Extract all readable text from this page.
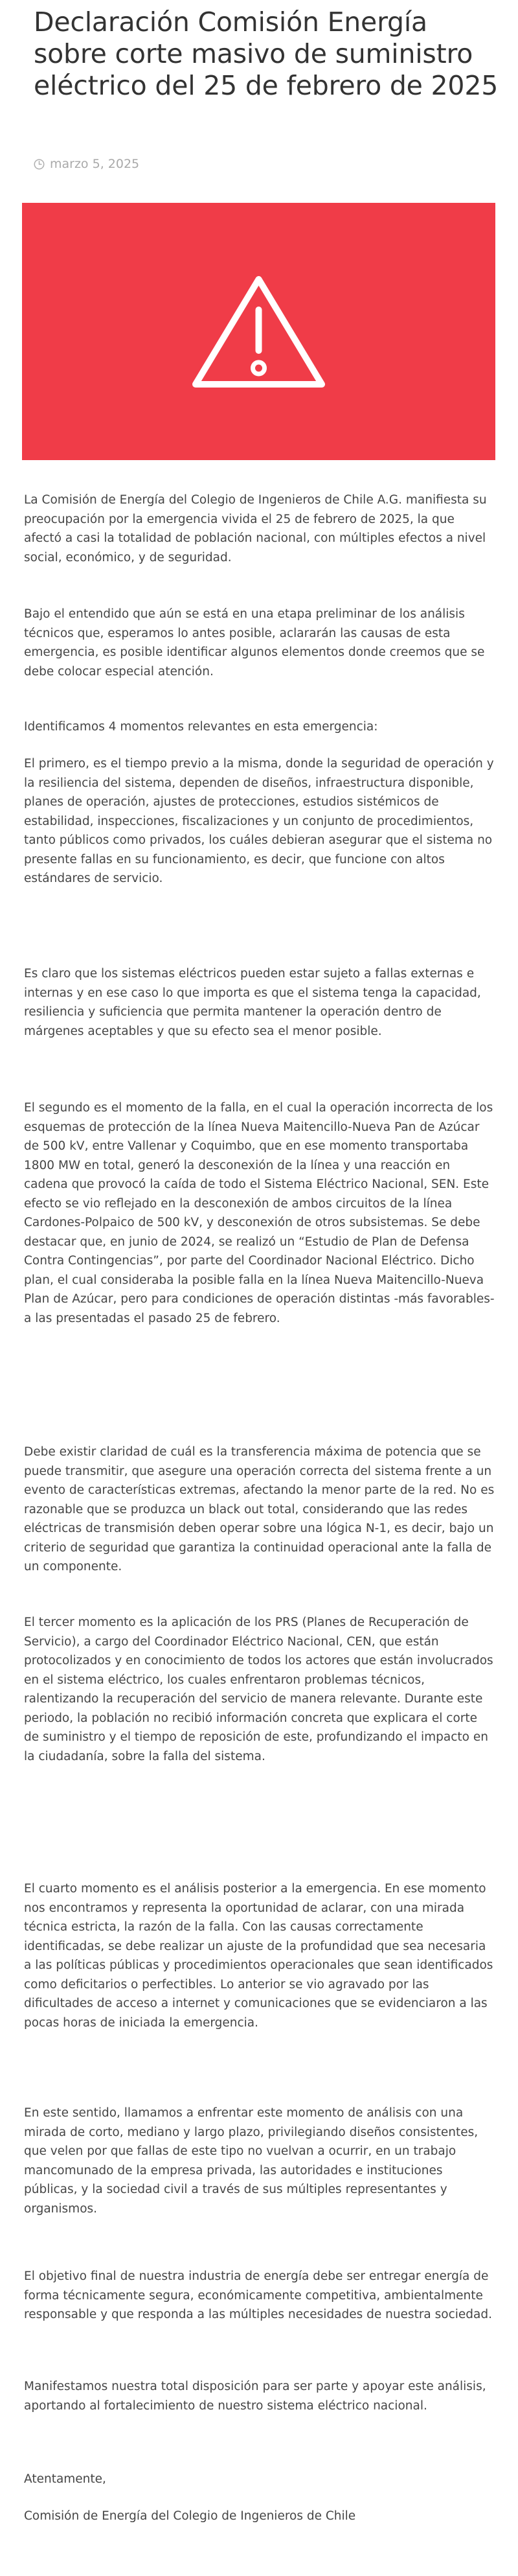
Declaración Comisión Energía sobre corte masivo de suministro eléctrico del 25 de febrero de 2025
marzo 5, 2025

La Comisión de Energía del Colegio de Ingenieros de Chile A.G. manifiesta su preocupación por la emergencia vivida el 25 de febrero de 2025, la que afectó a casi la totalidad de población nacional, con múltiples efectos a nivel social, económico, y de seguridad.

Bajo el entendido que aún se está en una etapa preliminar de los análisis técnicos que, esperamos lo antes posible, aclararán las causas de esta emergencia, es posible identificar algunos elementos donde creemos que se debe colocar especial atención.

Identificamos 4 momentos relevantes en esta emergencia:

El primero, es el tiempo previo a la misma, donde la seguridad de operación y la resiliencia del sistema, dependen de diseños, infraestructura disponible, planes de operación, ajustes de protecciones, estudios sistémicos de estabilidad, inspecciones, fiscalizaciones y un conjunto de procedimientos, tanto públicos como privados, los cuáles debieran asegurar que el sistema no presente fallas en su funcionamiento, es decir, que funcione con altos estándares de servicio.

Es claro que los sistemas eléctricos pueden estar sujeto a fallas externas e internas y en ese caso lo que importa es que el sistema tenga la capacidad, resiliencia y suficiencia que permita mantener la operación dentro de márgenes aceptables y que su efecto sea el menor posible.

El segundo es el momento de la falla, en el cual la operación incorrecta de los esquemas de protección de la línea Nueva Maitencillo-Nueva Pan de Azúcar de 500 kV, entre Vallenar y Coquimbo, que en ese momento transportaba 1800 MW en total, generó la desconexión de la línea y una reacción en cadena que provocó la caída de todo el Sistema Eléctrico Nacional, SEN. Este efecto se vio reflejado en la desconexión de ambos circuitos de la línea Cardones-Polpaico de 500 kV, y desconexión de otros subsistemas. Se debe destacar que, en junio de 2024, se realizó un “Estudio de Plan de Defensa Contra Contingencias”, por parte del Coordinador Nacional Eléctrico. Dicho plan, el cual consideraba la posible falla en la línea Nueva Maitencillo-Nueva Plan de Azúcar, pero para condiciones de operación distintas -más favorables- a las presentadas el pasado 25 de febrero.

Debe existir claridad de cuál es la transferencia máxima de potencia que se puede transmitir, que asegure una operación correcta del sistema frente a un evento de características extremas, afectando la menor parte de la red. No es razonable que se produzca un black out total, considerando que las redes eléctricas de transmisión deben operar sobre una lógica N-1, es decir, bajo un criterio de seguridad que garantiza la continuidad operacional ante la falla de un componente.

El tercer momento es la aplicación de los PRS (Planes de Recuperación de Servicio), a cargo del Coordinador Eléctrico Nacional, CEN, que están protocolizados y en conocimiento de todos los actores que están involucrados en el sistema eléctrico, los cuales enfrentaron problemas técnicos, ralentizando la recuperación del servicio de manera relevante. Durante este periodo, la población no recibió información concreta que explicara el corte de suministro y el tiempo de reposición de este, profundizando el impacto en la ciudadanía, sobre la falla del sistema.

El cuarto momento es el análisis posterior a la emergencia. En ese momento nos encontramos y representa la oportunidad de aclarar, con una mirada técnica estricta, la razón de la falla. Con las causas correctamente identificadas, se debe realizar un ajuste de la profundidad que sea necesaria a las políticas públicas y procedimientos operacionales que sean identificados como deficitarios o perfectibles. Lo anterior se vio agravado por las dificultades de acceso a internet y comunicaciones que se evidenciaron a las pocas horas de iniciada la emergencia.

En este sentido, llamamos a enfrentar este momento de análisis con una mirada de corto, mediano y largo plazo, privilegiando diseños consistentes, que velen por que fallas de este tipo no vuelvan a ocurrir, en un trabajo mancomunado de la empresa privada, las autoridades e instituciones públicas, y la sociedad civil a través de sus múltiples representantes y organismos.

El objetivo final de nuestra industria de energía debe ser entregar energía de forma técnicamente segura, económicamente competitiva, ambientalmente responsable y que responda a las múltiples necesidades de nuestra sociedad.

Manifestamos nuestra total disposición para ser parte y apoyar este análisis, aportando al fortalecimiento de nuestro sistema eléctrico nacional.

Atentamente,

Comisión de Energía del Colegio de Ingenieros de Chile
